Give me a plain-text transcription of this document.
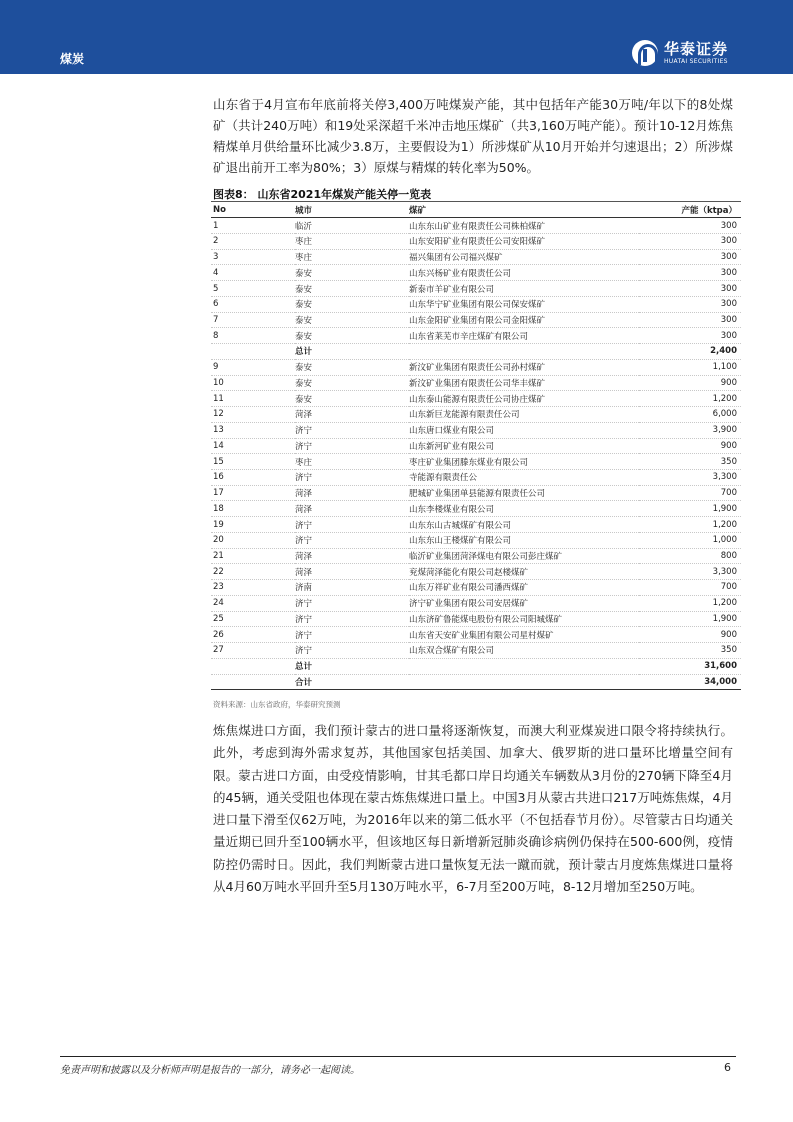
煤炭
华泰证券
HUATAI SECURITIES

山东省于4月宣布年底前将关停3,400万吨煤炭产能，其中包括年产能30万吨/年以下的8处煤矿（共计240万吨）和19处采深超千米冲击地压煤矿（共3,160万吨产能）。预计10-12月炼焦精煤单月供给量环比减少3.8万，主要假设为1）所涉煤矿从10月开始并匀速退出；2）所涉煤矿退出前开工率为80%；3）原煤与精煤的转化率为50%。

图表8： 山东省2021年煤炭产能关停一览表
No	城市	煤矿	产能（ktpa）
1	临沂	山东东山矿业有限责任公司株柏煤矿	300
2	枣庄	山东安阳矿业有限责任公司安阳煤矿	300
3	枣庄	福兴集团有公司福兴煤矿	300
4	泰安	山东兴杨矿业有限责任公司	300
5	泰安	新泰市羊矿业有限公司	300
6	泰安	山东华宁矿业集团有限公司保安煤矿	300
7	泰安	山东金阳矿业集团有限公司金阳煤矿	300
8	泰安	山东省莱芜市辛庄煤矿有限公司	300
	总计		2,400
9	泰安	新汶矿业集团有限责任公司孙村煤矿	1,100
10	泰安	新汶矿业集团有限责任公司华丰煤矿	900
11	泰安	山东泰山能源有限责任公司协庄煤矿	1,200
12	菏泽	山东新巨龙能源有限责任公司	6,000
13	济宁	山东唐口煤业有限公司	3,900
14	济宁	山东新河矿业有限公司	900
15	枣庄	枣庄矿业集团滕东煤业有限公司	350
16	济宁	寺能源有限责任公	3,300
17	菏泽	肥城矿业集团单县能源有限责任公司	700
18	菏泽	山东李楼煤业有限公司	1,900
19	济宁	山东东山古城煤矿有限公司	1,200
20	济宁	山东东山王楼煤矿有限公司	1,000
21	菏泽	临沂矿业集团菏泽煤电有限公司彭庄煤矿	800
22	菏泽	兖煤菏泽能化有限公司赵楼煤矿	3,300
23	济南	山东万祥矿业有限公司潘西煤矿	700
24	济宁	济宁矿业集团有限公司安居煤矿	1,200
25	济宁	山东济矿鲁能煤电股份有限公司阳城煤矿	1,900
26	济宁	山东省天安矿业集团有限公司星村煤矿	900
27	济宁	山东双合煤矿有限公司	350
	总计		31,600
	合计		34,000
资料来源：山东省政府，华泰研究预测

炼焦煤进口方面，我们预计蒙古的进口量将逐渐恢复，而澳大利亚煤炭进口限令将持续执行。此外，考虑到海外需求复苏，其他国家包括美国、加拿大、俄罗斯的进口量环比增量空间有限。蒙古进口方面，由受疫情影响，甘其毛都口岸日均通关车辆数从3月份的270辆下降至4月的45辆，通关受阻也体现在蒙古炼焦煤进口量上。中国3月从蒙古共进口217万吨炼焦煤，4月进口量下滑至仅62万吨，为2016年以来的第二低水平（不包括春节月份）。尽管蒙古日均通关量近期已回升至100辆水平，但该地区每日新增新冠肺炎确诊病例仍保持在500-600例，疫情防控仍需时日。因此，我们判断蒙古进口量恢复无法一蹴而就，预计蒙古月度炼焦煤进口量将从4月60万吨水平回升至5月130万吨水平，6-7月至200万吨，8-12月增加至250万吨。

免责声明和披露以及分析师声明是报告的一部分，请务必一起阅读。	6
